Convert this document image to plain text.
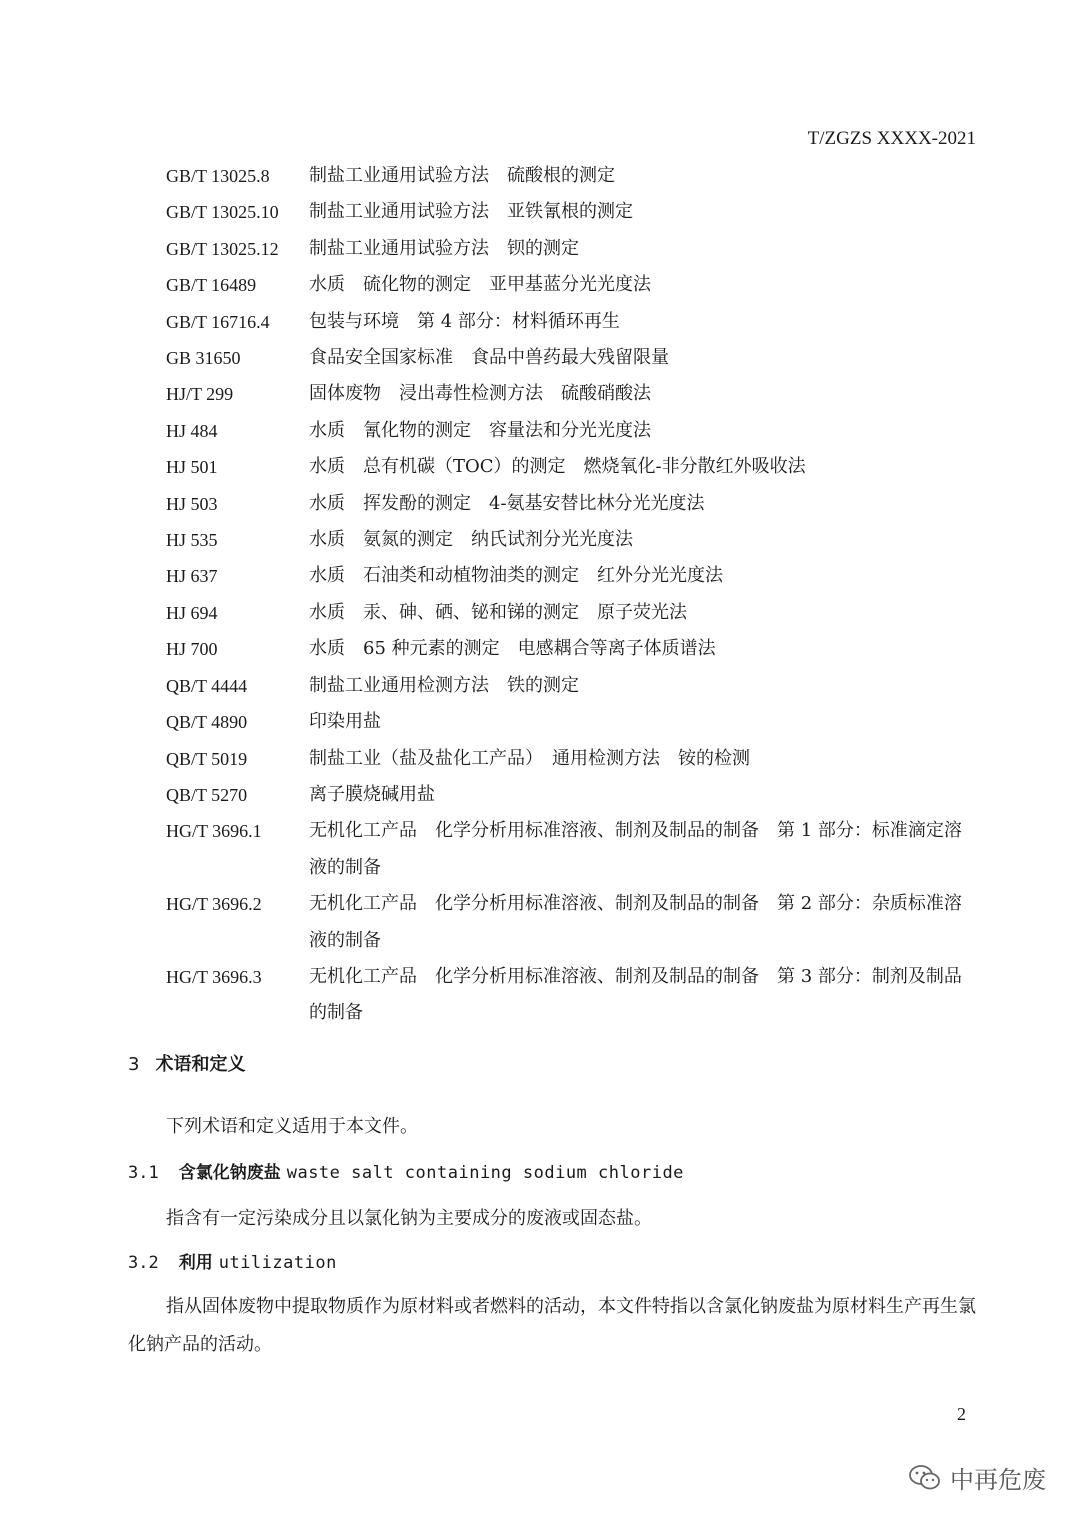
T/ZGZS XXXX-2021
GB/T 13025.8	制盐工业通用试验方法　硫酸根的测定
GB/T 13025.10	制盐工业通用试验方法　亚铁氰根的测定
GB/T 13025.12	制盐工业通用试验方法　钡的测定
GB/T 16489	水质　硫化物的测定　亚甲基蓝分光光度法
GB/T 16716.4	包装与环境　第 4 部分：材料循环再生
GB 31650	食品安全国家标准　食品中兽药最大残留限量
HJ/T 299	固体废物　浸出毒性检测方法　硫酸硝酸法
HJ 484	水质　氰化物的测定　容量法和分光光度法
HJ 501	水质　总有机碳（TOC）的测定　燃烧氧化-非分散红外吸收法
HJ 503	水质　挥发酚的测定　4-氨基安替比林分光光度法
HJ 535	水质　氨氮的测定　纳氏试剂分光光度法
HJ 637	水质　石油类和动植物油类的测定　红外分光光度法
HJ 694	水质　汞、砷、硒、铋和锑的测定　原子荧光法
HJ 700	水质　65 种元素的测定　电感耦合等离子体质谱法
QB/T 4444	制盐工业通用检测方法　铁的测定
QB/T 4890	印染用盐
QB/T 5019	制盐工业（盐及盐化工产品）　通用检测方法　铵的检测
QB/T 5270	离子膜烧碱用盐
HG/T 3696.1	无机化工产品　化学分析用标准溶液、制剂及制品的制备　第 1 部分：标准滴定溶液的制备
HG/T 3696.2	无机化工产品　化学分析用标准溶液、制剂及制品的制备　第 2 部分：杂质标准溶液的制备
HG/T 3696.3	无机化工产品　化学分析用标准溶液、制剂及制品的制备　第 3 部分：制剂及制品的制备
3 术语和定义
下列术语和定义适用于本文件。
3.1 含氯化钠废盐 waste salt containing sodium chloride
指含有一定污染成分且以氯化钠为主要成分的废液或固态盐。
3.2 利用 utilization
指从固体废物中提取物质作为原材料或者燃料的活动，本文件特指以含氯化钠废盐为原材料生产再生氯化钠产品的活动。
2
中再危废
